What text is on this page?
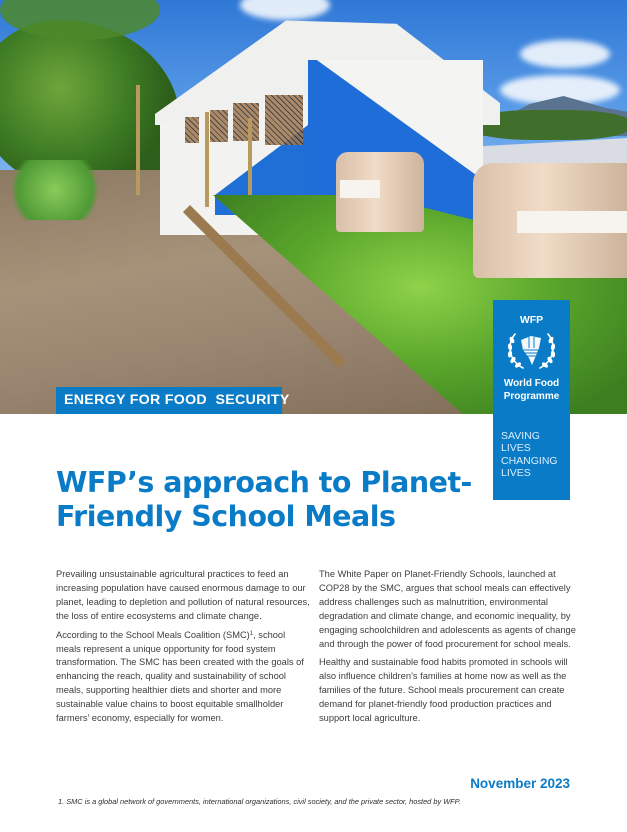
ENERGY FOR FOOD  SECURITY
WFP
World Food
Programme
SAVING
LIVES
CHANGING
LIVES
WFP’s approach to Planet-
Friendly School Meals

Prevailing unsustainable agricultural practices to feed an increasing population have caused enormous damage to our planet, leading to depletion and pollution of natural resources, the loss of entire ecosystems and climate change.

According to the School Meals Coalition (SMC)$^1$, school meals represent a unique opportunity for food system transformation. The SMC has been created with the goals of enhancing the reach, quality and sustainability of school meals, supporting healthier diets and shorter and more sustainable value chains to boost equitable smallholder farmers’ economy, especially for women.

The White Paper on Planet-Friendly Schools, launched at COP28 by the SMC, argues that school meals can effectively address challenges such as malnutrition, environmental degradation and climate change, and economic inequality, by engaging schoolchildren and adolescents as agents of change and through the power of food procurement for school meals.

Healthy and sustainable food habits promoted in schools will also influence children’s families at home now as well as the families of the future. School meals procurement can create demand for planet-friendly food production practices and support local agriculture.

November 2023
1. SMC is a global network of governments, international organizations, civil society, and the private sector, hosted by WFP.
